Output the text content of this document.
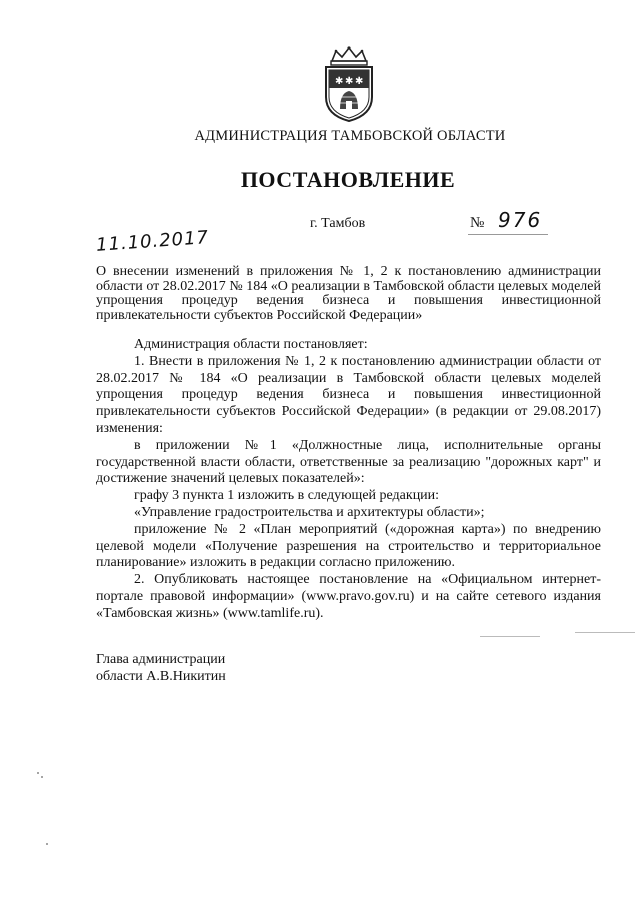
✱ ✱ ✱
АДМИНИСТРАЦИЯ ТАМБОВСКОЙ ОБЛАСТИ
ПОСТАНОВЛЕНИЕ
г. Тамбов	№ 976
11.10.2017
О внесении изменений в приложения № 1, 2 к постановлению администрации области от 28.02.2017 № 184 «О реализации в Тамбовской области целевых моделей упрощения процедур ведения бизнеса и повышения инвестиционной привлекательности субъектов Российской Федерации»

Администрация области постановляет:

1. Внести в приложения № 1, 2 к постановлению администрации области от 28.02.2017 № 184 «О реализации в Тамбовской области целевых моделей упрощения процедур ведения бизнеса и повышения инвестиционной привлекательности субъектов Российской Федерации» (в редакции от 29.08.2017) изменения:

в приложении №1 «Должностные лица, исполнительные органы государственной власти области, ответственные за реализацию "дорожных карт" и достижение значений целевых показателей»:

графу 3 пункта 1 изложить в следующей редакции:

«Управление градостроительства и архитектуры области»;

приложение № 2 «План мероприятий («дорожная карта») по внедрению целевой модели «Получение разрешения на строительство и территориальное планирование» изложить в редакции согласно приложению.

2. Опубликовать настоящее постановление на «Официальном интернет-портале правовой информации» (www.pravo.gov.ru) и на сайте сетевого издания «Тамбовская жизнь» (www.tamlife.ru).

Глава администрации
области А.В.Никитин
